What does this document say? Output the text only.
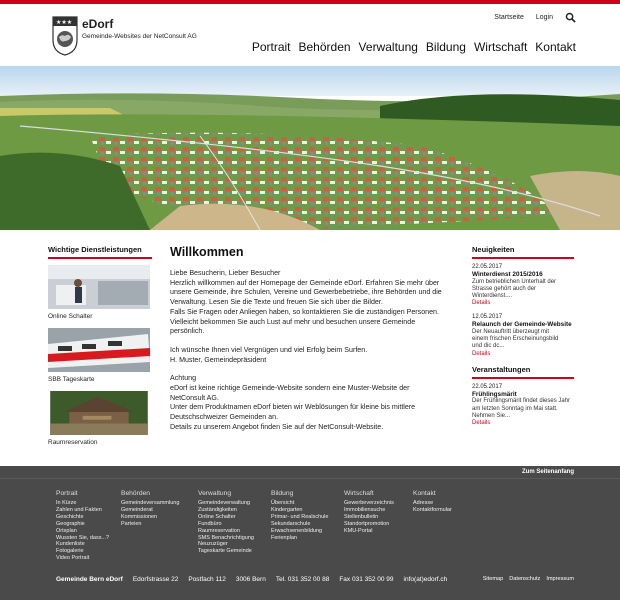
★★★ eDorf
Gemeinde-Websites der NetConsult AG
Startseite Login
Portrait Behörden Verwaltung Bildung Wirtschaft Kontakt
Wichtige Dienstleistungen
Online Schalter
SBB Tageskarte
Raumreservation
Willkommen

Liebe Besucherin, Lieber Besucher
Herzlich willkommen auf der Homepage der Gemeinde eDorf. Erfahren Sie mehr über
unsere Gemeinde, ihre Schulen, Vereine und Gewerbebetriebe, ihre Behörden und die
Verwaltung. Lesen Sie die Texte und freuen Sie sich über die Bilder.
Falls Sie Fragen oder Anliegen haben, so kontaktieren Sie die zuständigen Personen.
Vielleicht bekommen Sie auch Lust auf mehr und besuchen unsere Gemeinde
persönlich.

Ich wünsche Ihnen viel Vergnügen und viel Erfolg beim Surfen.
H. Muster, Gemeindepräsident

Achtung
eDorf ist keine richtige Gemeinde-Website sondern eine Muster-Website der
NetConsult AG.
Unter dem Produktnamen eDorf bieten wir Weblösungen für kleine bis mittlere
Deutschschweizer Gemeinden an.
Details zu unserem Angebot finden Sie auf der NetConsult-Website.

Neuigkeiten
22.05.2017
Winterdienst 2015/2016
Zum betrieblichen Unterhalt der
Strasse gehört auch der
Winterdienst....
Details
12.05.2017
Relaunch der Gemeinde-Website
Der Neuauftritt überzeugt mit
einem frischen Erscheinungsbild
und dic dc...
Details
Veranstaltungen
22.05.2017
Frühlingsmärit
Der Frühlingsmärit findet dieses Jahr
am letzten Sonntag im Mai statt.
Nehmen Sie...
Details
Zum Seitenanfang
Portrait
In Kürze
Zahlen und Fakten
Geschichte
Geographie
Ortsplan
Wussten Sie, dass...?
Kundenliste
Fotogalerie
Video Portrait
Behörden
Gemeindeversammlung
Gemeinderat
Kommissionen
Parteien
Verwaltung
Gemeindeverwaltung
Zuständigkeiten
Online Schalter
Fundbüro
Raumreservation
SMS Benachrichtigung
Neuzuzüger
Tageskarte Gemeinde
Bildung
Übersicht
Kindergarten
Primar- und Realschule
Sekundarschule
Erwachsenenbildung
Ferienplan
Wirtschaft
Gewerbeverzeichnis
Immobiliensuche
Stellenbulletin
Standortpromotion
KMU-Portal
Kontakt
Adresse
Kontaktformular
Gemeinde Bern eDorf Edorfstrasse 22 Postfach 112 3006 Bern Tel. 031 352 00 88 Fax 031 352 00 99 info(at)edorf.ch	Sitemap Datenschutz Impressum
